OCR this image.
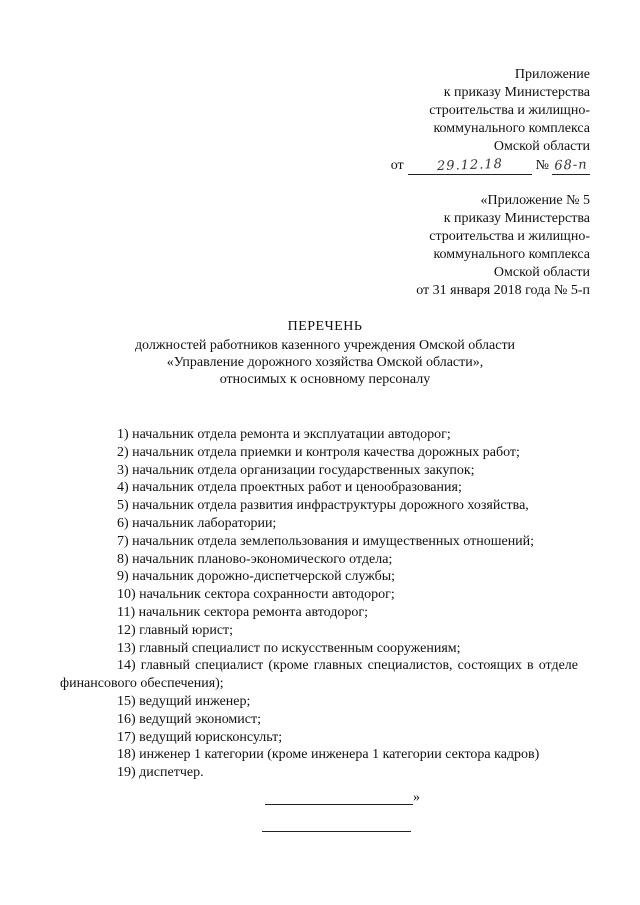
Приложение

к приказу Министерства

строительства и жилищно-

коммунального комплекса

Омской области

от	29.12.18	№ 68-п

«Приложение № 5

к приказу Министерства

строительства и жилищно-

коммунального комплекса

Омской области

от 31 января 2018 года № 5-п

ПЕРЕЧЕНЬ

должностей работников казенного учреждения Омской области

«Управление дорожного хозяйства Омской области»,

относимых к основному персоналу

1) начальник отдела ремонта и эксплуатации автодорог;
2) начальник отдела приемки и контроля качества дорожных работ;
3) начальник отдела организации государственных закупок;
4) начальник отдела проектных работ и ценообразования;
5) начальник отдела развития инфраструктуры дорожного хозяйства,
6) начальник лаборатории;
7) начальник отдела землепользования и имущественных отношений;
8) начальник планово-экономического отдела;
9) начальник дорожно-диспетчерской службы;
10) начальник сектора сохранности автодорог;
11) начальник сектора ремонта автодорог;
12) главный юрист;
13) главный специалист по искусственным сооружениям;
14) главный специалист (кроме главных специалистов, состоящих в отделе финансового обеспечения);
15) ведущий инженер;
16) ведущий экономист;
17) ведущий юрисконсульт;
18) инженер 1 категории (кроме инженера 1 категории сектора кадров)
19) диспетчер.
»
